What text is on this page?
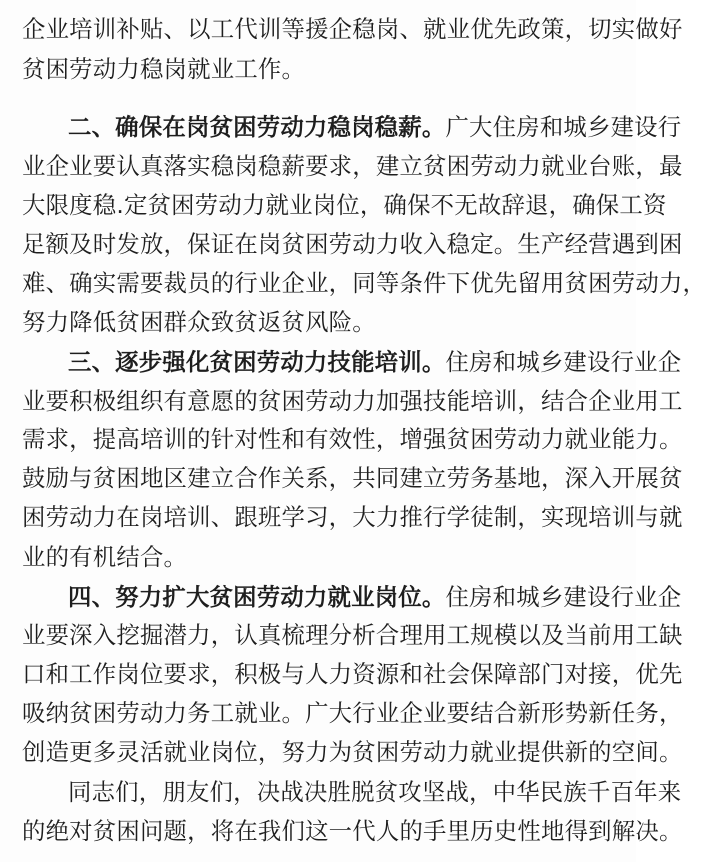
企业培训补贴、以工代训等援企稳岗、就业优先政策，切实做好
贫困劳动力稳岗就业工作。
二、确保在岗贫困劳动力稳岗稳薪。广大住房和城乡建设行
业企业要认真落实稳岗稳薪要求，建立贫困劳动力就业台账，最
大限度稳.定贫困劳动力就业岗位，确保不无故辞退，确保工资
足额及时发放，保证在岗贫困劳动力收入稳定。生产经营遇到困
难、确实需要裁员的行业企业，同等条件下优先留用贫困劳动力，
努力降低贫困群众致贫返贫风险。
三、逐步强化贫困劳动力技能培训。住房和城乡建设行业企
业要积极组织有意愿的贫困劳动力加强技能培训，结合企业用工
需求，提高培训的针对性和有效性，增强贫困劳动力就业能力。
鼓励与贫困地区建立合作关系，共同建立劳务基地，深入开展贫
困劳动力在岗培训、跟班学习，大力推行学徒制，实现培训与就
业的有机结合。
四、努力扩大贫困劳动力就业岗位。住房和城乡建设行业企
业要深入挖掘潜力，认真梳理分析合理用工规模以及当前用工缺
口和工作岗位要求，积极与人力资源和社会保障部门对接，优先
吸纳贫困劳动力务工就业。广大行业企业要结合新形势新任务，
创造更多灵活就业岗位，努力为贫困劳动力就业提供新的空间。
同志们，朋友们，决战决胜脱贫攻坚战，中华民族千百年来
的绝对贫困问题，将在我们这一代人的手里历史性地得到解决。
